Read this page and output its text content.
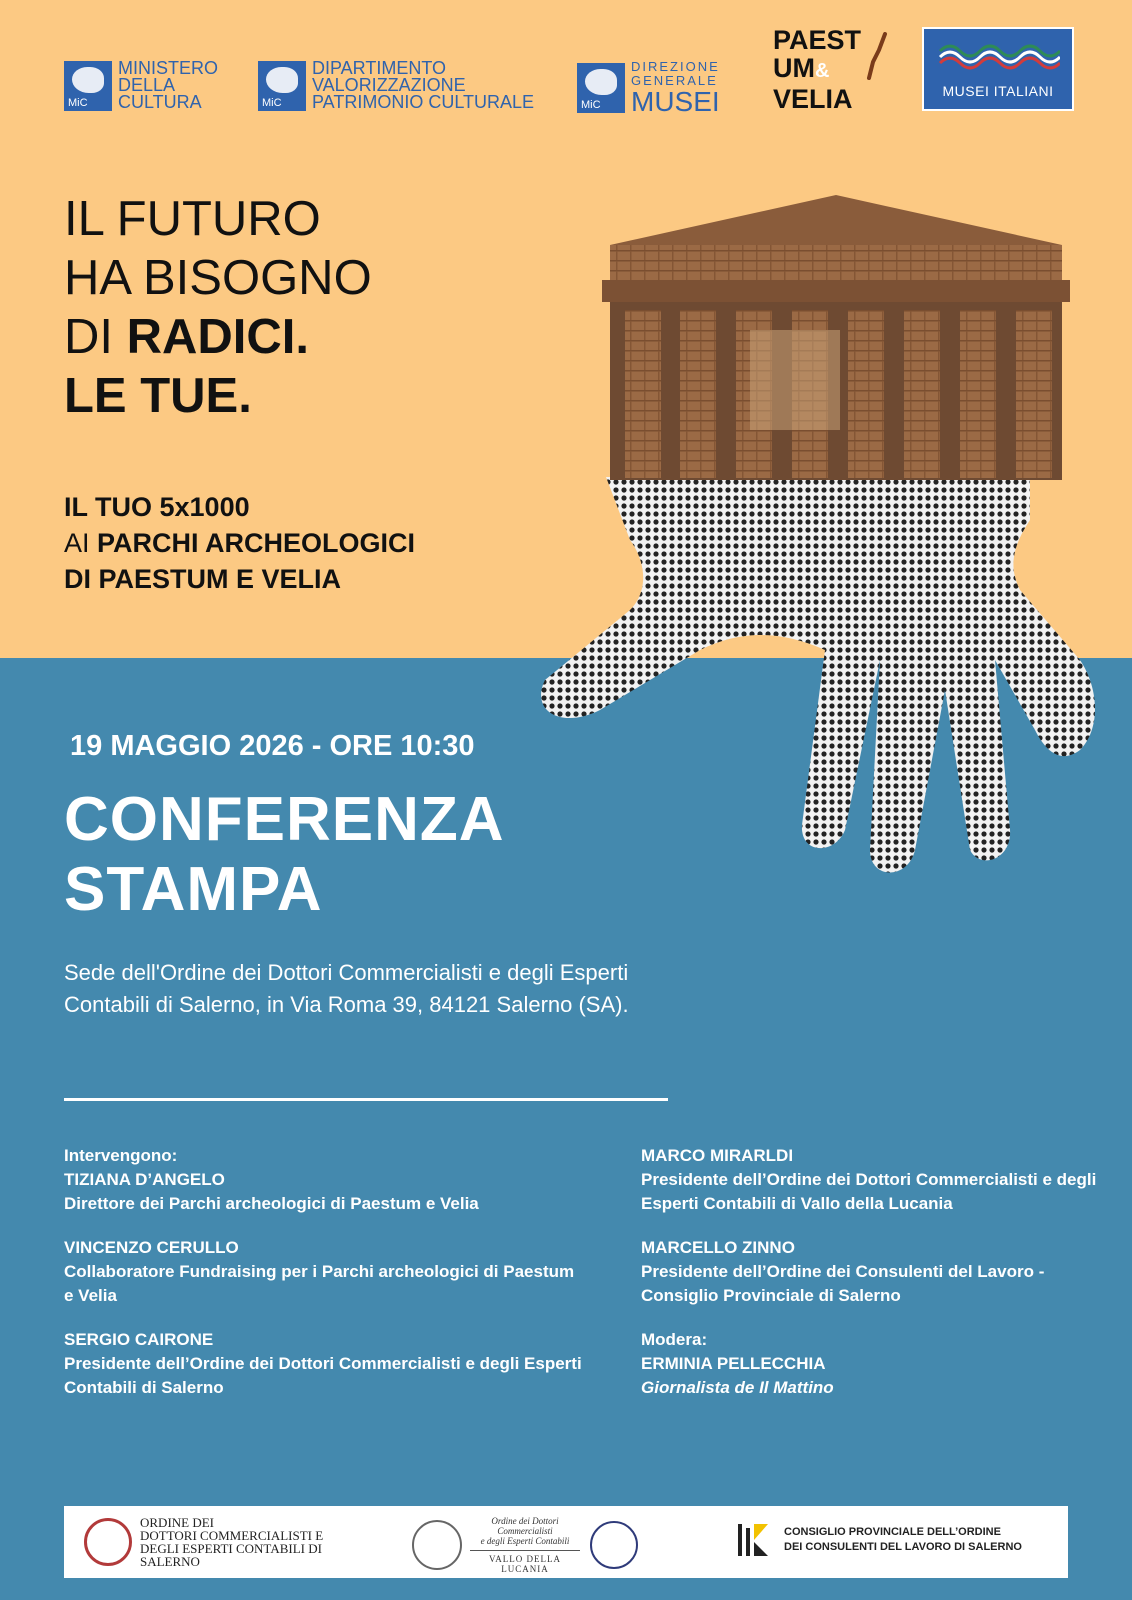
MiC
MINISTERO
DELLA
CULTURA	MiC
DIPARTIMENTO
VALORIZZAZIONE
PATRIMONIO CULTURALE	MiC
DIREZIONE
GENERALE
MUSEI
PAEST
UM&
VELIA	MUSEI ITALIANI
IL FUTURO
HA BISOGNO
DI RADICI.
LE TUE.
IL TUO 5x1000
AI PARCHI ARCHEOLOGICI
DI PAESTUM E VELIA
19 MAGGIO 2026 - ORE 10:30
CONFERENZA
STAMPA
Sede dell'Ordine dei Dottori Commercialisti e degli Esperti Contabili di Salerno, in Via Roma 39, 84121 Salerno (SA).
Intervengono:
TIZIANA D’ANGELO
Direttore dei Parchi archeologici di Paestum e Velia
VINCENZO CERULLO
Collaboratore Fundraising per i Parchi archeologici di Paestum e Velia
SERGIO CAIRONE
Presidente dell’Ordine dei Dottori Commercialisti e degli Esperti Contabili di Salerno
MARCO MIRARLDI
Presidente dell’Ordine dei Dottori Commercialisti e degli Esperti Contabili di Vallo della Lucania
MARCELLO ZINNO
Presidente dell’Ordine dei Consulenti del Lavoro - Consiglio Provinciale di Salerno
Modera:
ERMINIA PELLECCHIA
Giornalista de Il Mattino
ORDINE DEI
DOTTORI COMMERCIALISTI E
DEGLI ESPERTI CONTABILI DI
SALERNO
Ordine dei Dottori Commercialisti
e degli Esperti Contabili
VALLO DELLA LUCANIA
CONSIGLIO PROVINCIALE DELL’ORDINE
DEI CONSULENTI DEL LAVORO DI SALERNO
